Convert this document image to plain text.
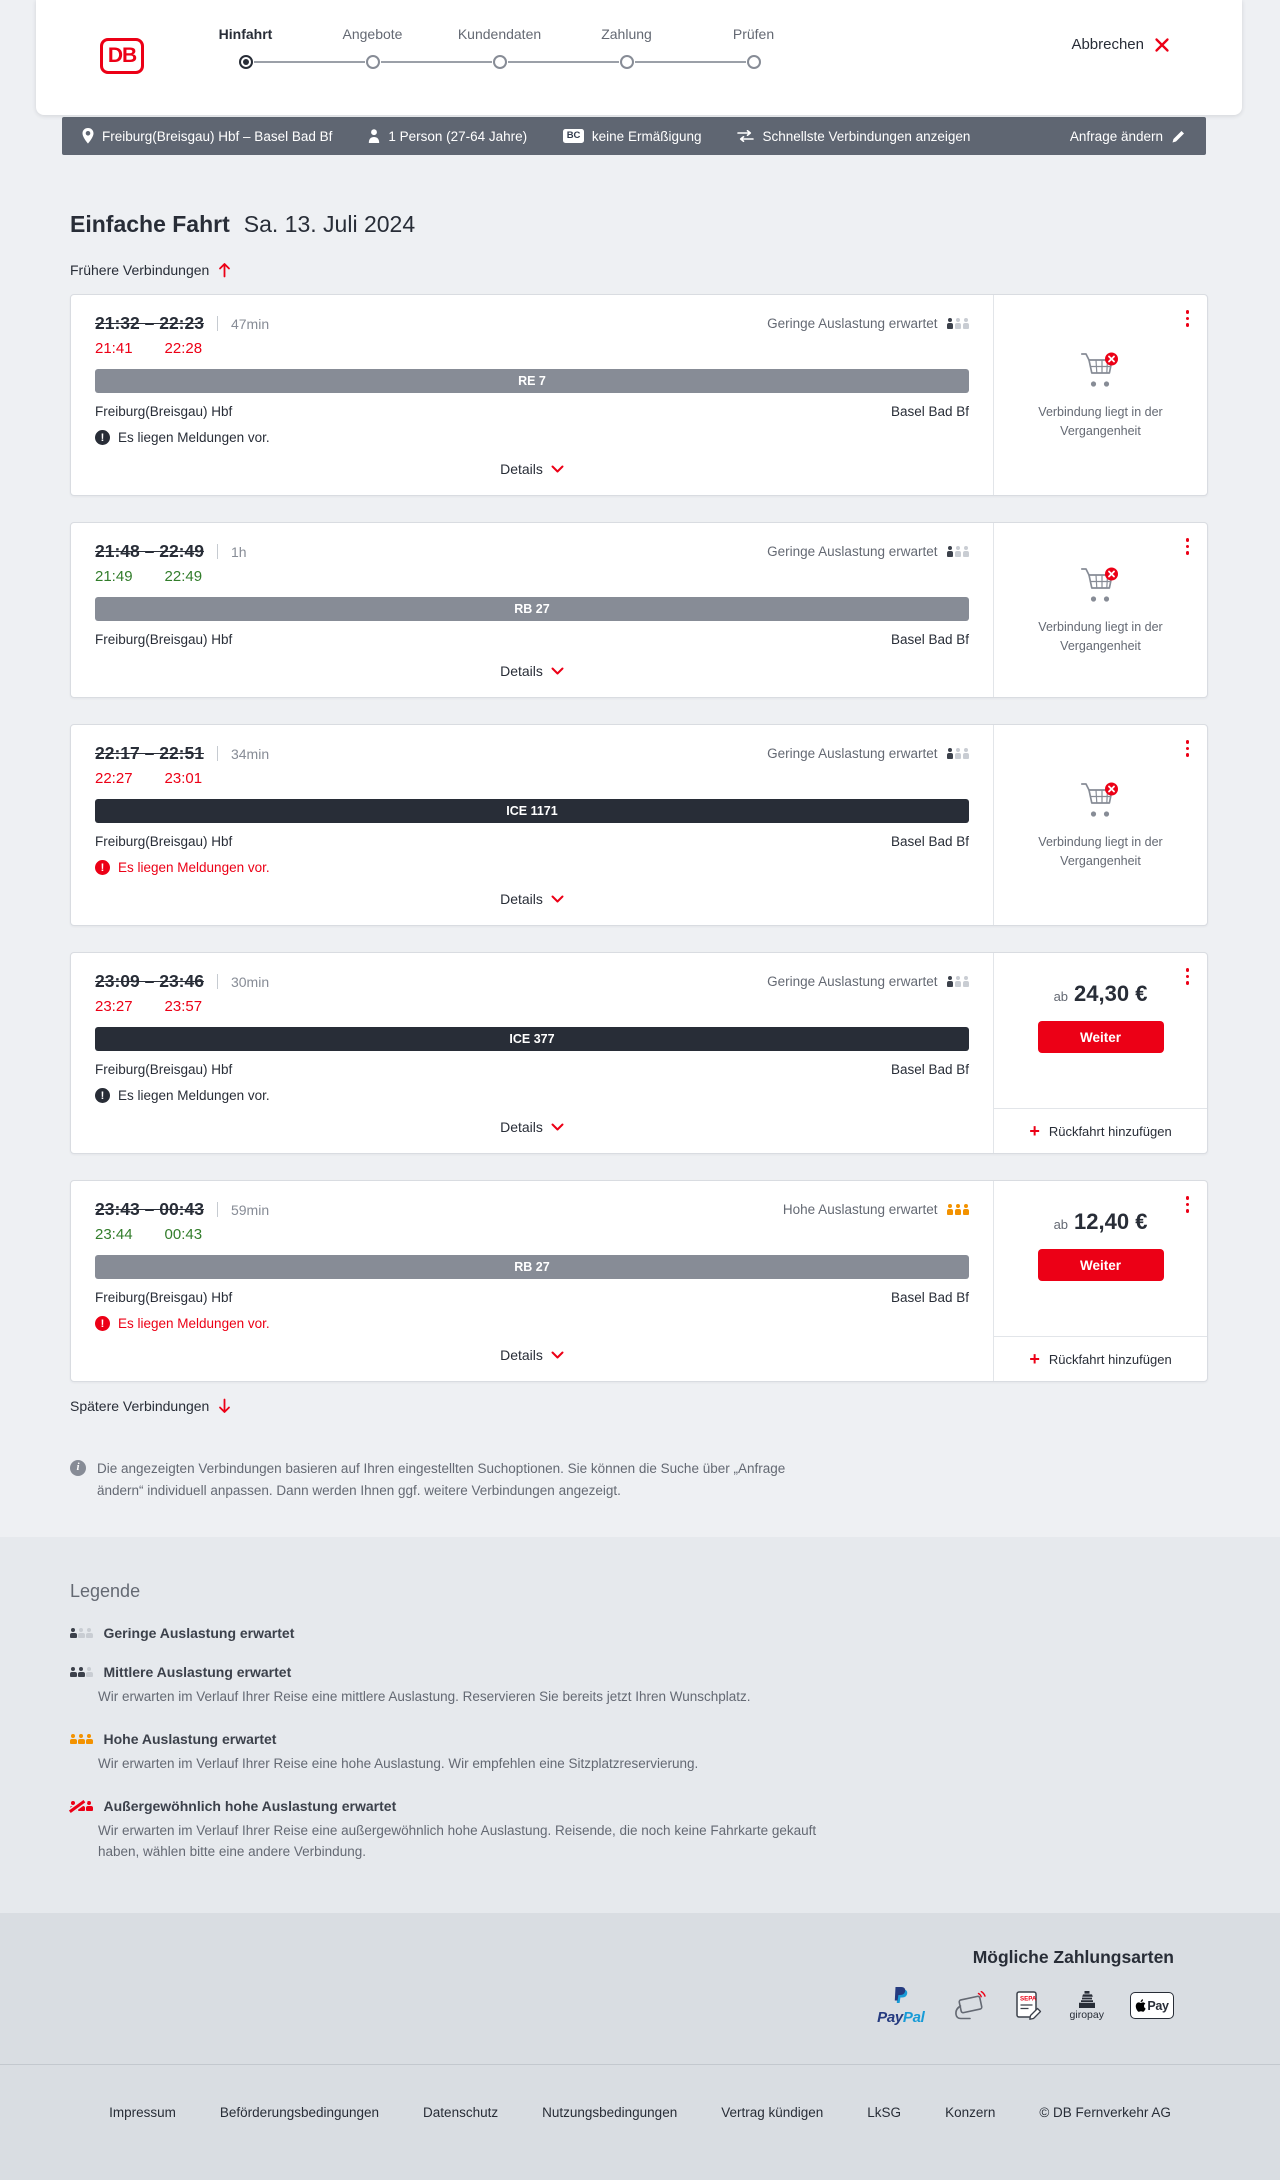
DB
Hinfahrt	Angebote	Kundendaten	Zahlung	Prüfen
Abbrechen
Freiburg(Breisgau) Hbf – Basel Bad Bf	1 Person (27-64 Jahre)	BC keine Ermäßigung	Schnellste Verbindungen anzeigen	Anfrage ändern
Einfache Fahrt Sa. 13. Juli 2024
Frühere Verbindungen
21:32 – 22:23 47min	Geringe Auslastung erwartet
21:41 22:28
RE 7
Freiburg(Breisgau) Hbf	Basel Bad Bf
!
Es liegen Meldungen vor.
Details
Verbindung liegt in der Vergangenheit
21:48 – 22:49 1h	Geringe Auslastung erwartet
21:49 22:49
RB 27
Freiburg(Breisgau) Hbf	Basel Bad Bf
Details
Verbindung liegt in der Vergangenheit
22:17 – 22:51 34min	Geringe Auslastung erwartet
22:27 23:01
ICE 1171
Freiburg(Breisgau) Hbf	Basel Bad Bf
!
Es liegen Meldungen vor.
Details
Verbindung liegt in der Vergangenheit
23:09 – 23:46 30min	Geringe Auslastung erwartet
23:27 23:57
ICE 377
Freiburg(Breisgau) Hbf	Basel Bad Bf
!
Es liegen Meldungen vor.
Details
ab 24,30 €
Weiter
+ Rückfahrt hinzufügen
23:43 – 00:43 59min	Hohe Auslastung erwartet
23:44 00:43
RB 27
Freiburg(Breisgau) Hbf	Basel Bad Bf
!
Es liegen Meldungen vor.
Details
ab 12,40 €
Weiter
+ Rückfahrt hinzufügen
Spätere Verbindungen
i	Die angezeigten Verbindungen basieren auf Ihren eingestellten Suchoptionen. Sie können die Suche über „Anfrage ändern“ individuell anpassen. Dann werden Ihnen ggf. weitere Verbindungen angezeigt.
Legende
Geringe Auslastung erwartet
Mittlere Auslastung erwartet
Wir erwarten im Verlauf Ihrer Reise eine mittlere Auslastung. Reservieren Sie bereits jetzt Ihren Wunschplatz.
Hohe Auslastung erwartet
Wir erwarten im Verlauf Ihrer Reise eine hohe Auslastung. Wir empfehlen eine Sitzplatzreservierung.
Außergewöhnlich hohe Auslastung erwartet
Wir erwarten im Verlauf Ihrer Reise eine außergewöhnlich hohe Auslastung. Reisende, die noch keine Fahrkarte gekauft haben, wählen bitte eine andere Verbindung.
Mögliche Zahlungsarten
PayPal
SEPA
giropay
Pay
Impressum	Beförderungsbedingungen	Datenschutz	Nutzungsbedingungen	Vertrag kündigen	LkSG	Konzern	© DB Fernverkehr AG
